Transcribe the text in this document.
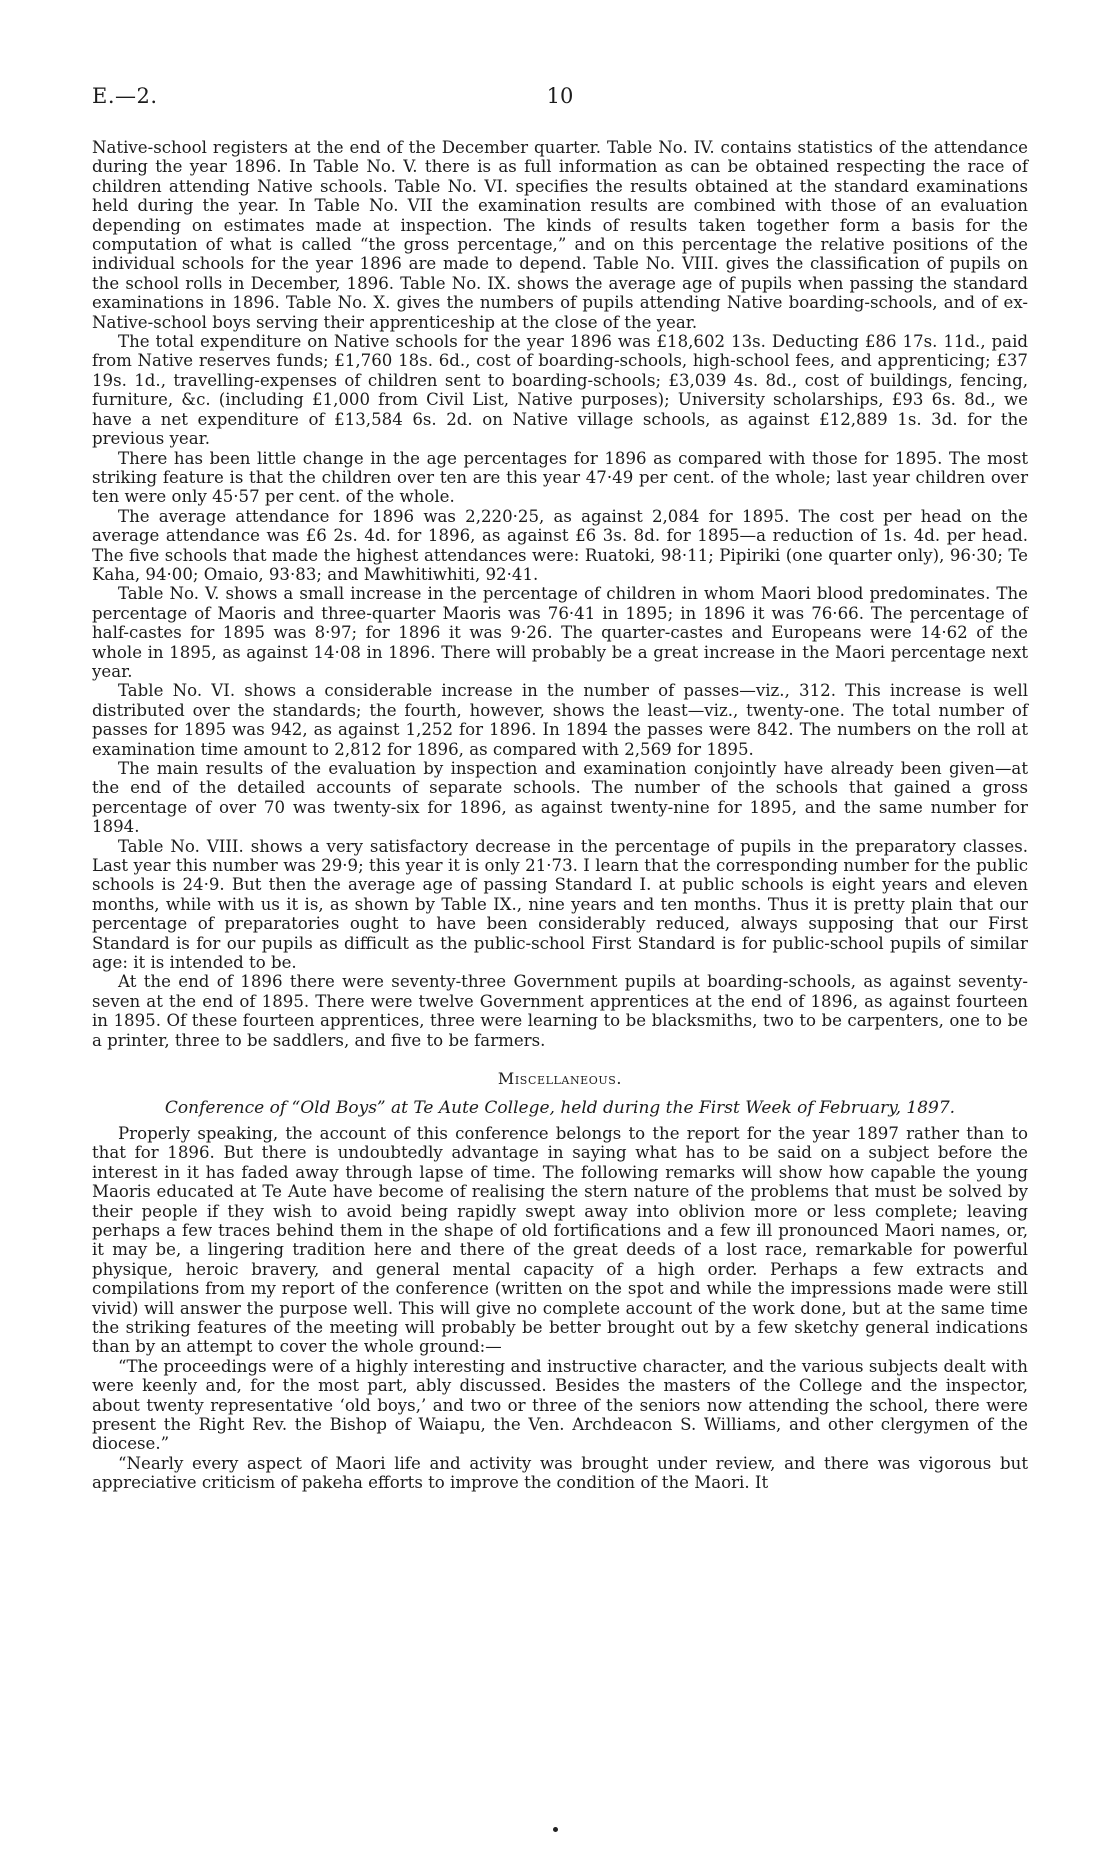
E.—2.	10

Native-school registers at the end of the December quarter. Table No. IV. contains statistics of the attendance during the year 1896. In Table No. V. there is as full information as can be obtained respecting the race of children attending Native schools. Table No. VI. specifies the results obtained at the standard examinations held during the year. In Table No. VII the examination results are combined with those of an evaluation depending on estimates made at inspection. The kinds of results taken together form a basis for the computation of what is called “the gross percentage,” and on this percentage the relative positions of the individual schools for the year 1896 are made to depend. Table No. VIII. gives the classification of pupils on the school rolls in December, 1896. Table No. IX. shows the average age of pupils when passing the standard examinations in 1896. Table No. X. gives the numbers of pupils attending Native boarding-schools, and of ex-Native-school boys serving their apprenticeship at the close of the year.

The total expenditure on Native schools for the year 1896 was £18,602 13s. Deducting £86 17s. 11d., paid from Native reserves funds; £1,760 18s. 6d., cost of boarding-schools, high-school fees, and apprenticing; £37 19s. 1d., travelling-expenses of children sent to boarding-schools; £3,039 4s. 8d., cost of buildings, fencing, furniture, &c. (including £1,000 from Civil List, Native purposes); University scholarships, £93 6s. 8d., we have a net expenditure of £13,584 6s. 2d. on Native village schools, as against £12,889 1s. 3d. for the previous year.

There has been little change in the age percentages for 1896 as compared with those for 1895. The most striking feature is that the children over ten are this year 47·49 per cent. of the whole; last year children over ten were only 45·57 per cent. of the whole.

The average attendance for 1896 was 2,220·25, as against 2,084 for 1895. The cost per head on the average attendance was £6 2s. 4d. for 1896, as against £6 3s. 8d. for 1895—a reduction of 1s. 4d. per head. The five schools that made the highest attendances were: Ruatoki, 98·11; Pipiriki (one quarter only), 96·30; Te Kaha, 94·00; Omaio, 93·83; and Mawhitiwhiti, 92·41.

Table No. V. shows a small increase in the percentage of children in whom Maori blood predominates. The percentage of Maoris and three-quarter Maoris was 76·41 in 1895; in 1896 it was 76·66. The percentage of half-castes for 1895 was 8·97; for 1896 it was 9·26. The quarter-castes and Europeans were 14·62 of the whole in 1895, as against 14·08 in 1896. There will probably be a great increase in the Maori percentage next year.

Table No. VI. shows a considerable increase in the number of passes—viz., 312. This increase is well distributed over the standards; the fourth, however, shows the least—viz., twenty-one. The total number of passes for 1895 was 942, as against 1,252 for 1896. In 1894 the passes were 842. The numbers on the roll at examination time amount to 2,812 for 1896, as compared with 2,569 for 1895.

The main results of the evaluation by inspection and examination conjointly have already been given—at the end of the detailed accounts of separate schools. The number of the schools that gained a gross percentage of over 70 was twenty-six for 1896, as against twenty-nine for 1895, and the same number for 1894.

Table No. VIII. shows a very satisfactory decrease in the percentage of pupils in the preparatory classes. Last year this number was 29·9; this year it is only 21·73. I learn that the corresponding number for the public schools is 24·9. But then the average age of passing Standard I. at public schools is eight years and eleven months, while with us it is, as shown by Table IX., nine years and ten months. Thus it is pretty plain that our percentage of preparatories ought to have been considerably reduced, always supposing that our First Standard is for our pupils as difficult as the public-school First Standard is for public-school pupils of similar age: it is intended to be.

At the end of 1896 there were seventy-three Government pupils at boarding-schools, as against seventy-seven at the end of 1895. There were twelve Government apprentices at the end of 1896, as against fourteen in 1895. Of these fourteen apprentices, three were learning to be blacksmiths, two to be carpenters, one to be a printer, three to be saddlers, and five to be farmers.

Miscellaneous.
Conference of “Old Boys” at Te Aute College, held during the First Week of February, 1897.

Properly speaking, the account of this conference belongs to the report for the year 1897 rather than to that for 1896. But there is undoubtedly advantage in saying what has to be said on a subject before the interest in it has faded away through lapse of time. The following remarks will show how capable the young Maoris educated at Te Aute have become of realising the stern nature of the problems that must be solved by their people if they wish to avoid being rapidly swept away into oblivion more or less complete; leaving perhaps a few traces behind them in the shape of old fortifications and a few ill pronounced Maori names, or, it may be, a lingering tradition here and there of the great deeds of a lost race, remarkable for powerful physique, heroic bravery, and general mental capacity of a high order. Perhaps a few extracts and compilations from my report of the conference (written on the spot and while the impressions made were still vivid) will answer the purpose well. This will give no complete account of the work done, but at the same time the striking features of the meeting will probably be better brought out by a few sketchy general indications than by an attempt to cover the whole ground:—

“The proceedings were of a highly interesting and instructive character, and the various subjects dealt with were keenly and, for the most part, ably discussed. Besides the masters of the College and the inspector, about twenty representative ‘old boys,’ and two or three of the seniors now attending the school, there were present the Right Rev. the Bishop of Waiapu, the Ven. Archdeacon S. Williams, and other clergymen of the diocese.”

“Nearly every aspect of Maori life and activity was brought under review, and there was vigorous but appreciative criticism of pakeha efforts to improve the condition of the Maori. It
